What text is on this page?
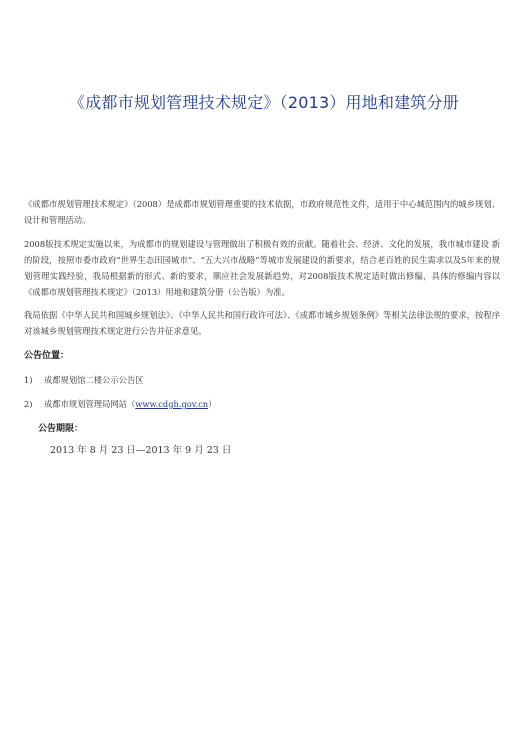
《成都市规划管理技术规定》（2013）用地和建筑分册
《成都市规划管理技术规定》（2008）是成都市规划管理重要的技术依据，市政府规范性文件，适用于中心城范围内的城乡规划、设计和管理活动。
2008版技术规定实施以来，为成都市的规划建设与管理做出了积极有效的贡献。随着社会、经济、文化的发展，我市城市建设 新的阶段，按照市委市政府“世界生态田园城市”、“五大兴市战略”等城市发展建设的新要求，结合老百姓的民生需求以及5年来的规划管理实践经验，我局根据新的形式、新的要求，顺应社会发展新趋势，对2008版技术规定适时做出修编，具体的修编内容以《成都市规划管理技术规定》（2013）用地和建筑分册（公告版）为准。
我局依据《中华人民共和国城乡规划法》、《中华人民共和国行政许可法》、《成都市城乡规划条例》等相关法律法规的要求，按程序对该城乡规划管理技术规定进行公告并征求意见。
公告位置：
1) 成都规划馆二楼公示公告区
2) 成都市规划管理局网站（www.cdgh.gov.cn）
公告期限：
2013 年 8 月 23 日—2013 年 9 月 23 日
